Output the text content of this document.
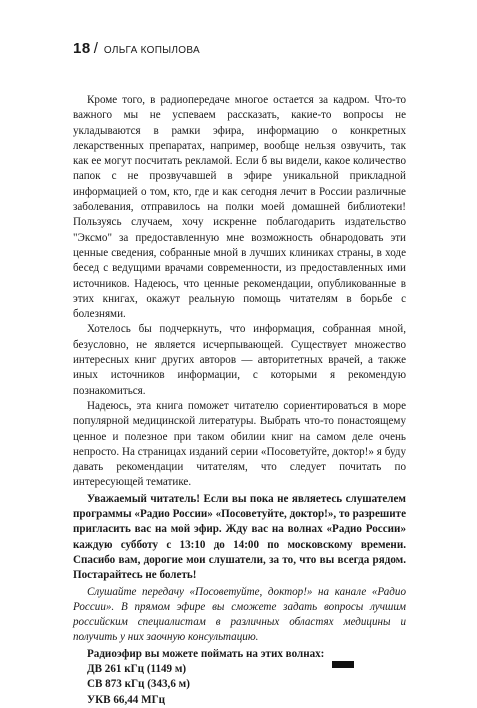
18 / ОЛЬГА КОПЫЛОВА

Кроме того, в радиопередаче многое остается за кадром. Что-то важного мы не успеваем рассказать, какие-то вопросы не укладываются в рамки эфира, информацию о конкретных лекарственных препаратах, например, вообще нельзя озвучить, так как ее могут посчитать рекламой. Если б вы видели, какое количество папок с не прозвучавшей в эфире уникальной прикладной информацией о том, кто, где и как сегодня лечит в России различные заболевания, отправилось на полки моей домашней библиотеки! Пользуясь случаем, хочу искренне поблагодарить издательство "Эксмо" за предоставленную мне возможность обнародовать эти ценные сведения, собранные мной в лучших клиниках страны, в ходе бесед с ведущими врачами современности, из предоставленных ими источников. Надеюсь, что ценные рекомендации, опубликованные в этих книгах, окажут реальную помощь читателям в борьбе с болезнями.

Хотелось бы подчеркнуть, что информация, собранная мной, безусловно, не является исчерпывающей. Существует множество интересных книг других авторов — авторитетных врачей, а также иных источников информации, с которыми я рекомендую познакомиться.

Надеюсь, эта книга поможет читателю сориентироваться в море популярной медицинской литературы. Выбрать что-то понастоящему ценное и полезное при таком обилии книг на самом деле очень непросто. На страницах изданий серии «Посоветуйте, доктор!» я буду давать рекомендации читателям, что следует почитать по интересующей тематике.

Уважаемый читатель! Если вы пока не являетесь слушателем программы «Радио России» «Посоветуйте, доктор!», то разрешите пригласить вас на мой эфир. Жду вас на волнах «Радио России» каждую субботу с 13:10 до 14:00 по московскому времени. Спасибо вам, дорогие мои слушатели, за то, что вы всегда рядом. Постарайтесь не болеть!

Слушайте передачу «Посоветуйте, доктор!» на канале «Радио России». В прямом эфире вы сможете задать вопросы лучшим российским специалистам в различных областях медицины и получить у них заочную консультацию.

Радиоэфир вы можете поймать на этих волнах:

ДВ 261 кГц (1149 м)
СВ 873 кГц (343,6 м)
УКВ 66,44 МГц
